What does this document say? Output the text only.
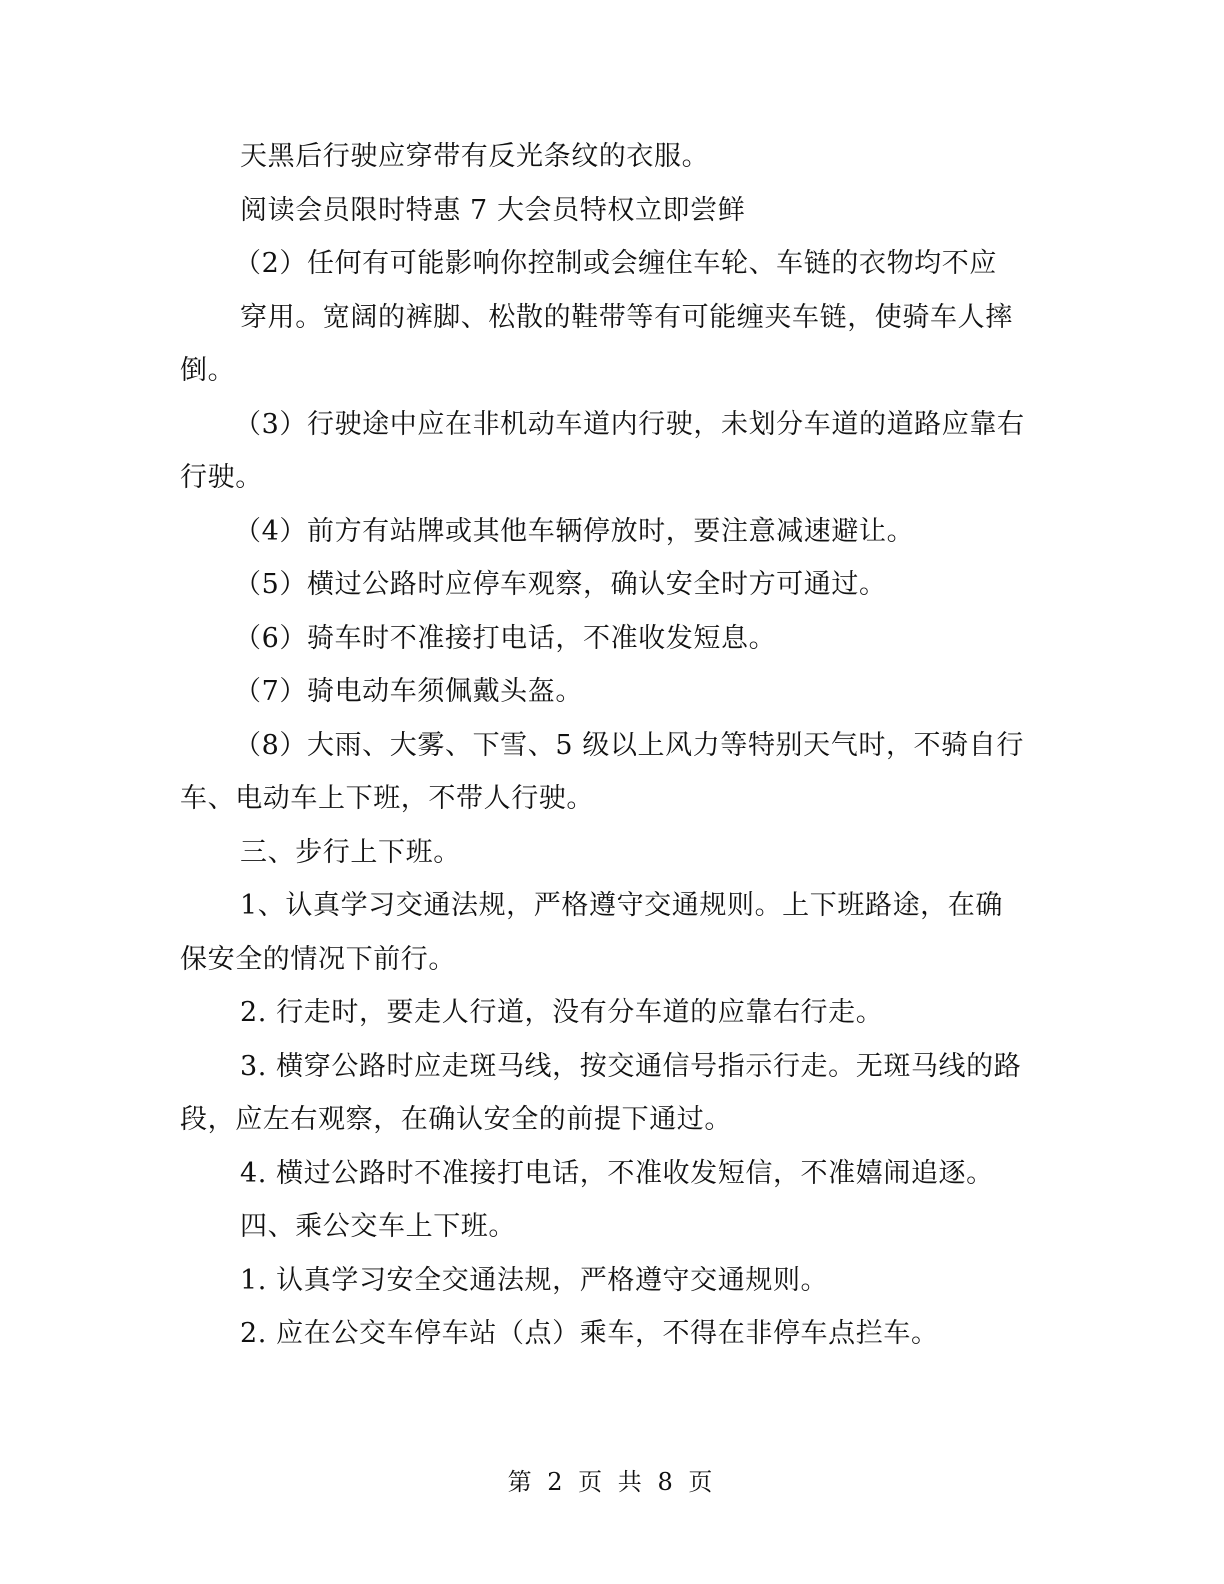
天黑后行驶应穿带有反光条纹的衣服。

阅读会员限时特惠 7 大会员特权立即尝鲜

（2）任何有可能影响你控制或会缠住车轮、车链的衣物均不应

穿用。宽阔的裤脚、松散的鞋带等有可能缠夹车链，使骑车人摔倒。

（3）行驶途中应在非机动车道内行驶，未划分车道的道路应靠右行驶。

（4）前方有站牌或其他车辆停放时，要注意减速避让。

（5）横过公路时应停车观察，确认安全时方可通过。

（6）骑车时不准接打电话，不准收发短息。

（7）骑电动车须佩戴头盔。

（8）大雨、大雾、下雪、5 级以上风力等特别天气时，不骑自行车、电动车上下班，不带人行驶。

三、步行上下班。

1、认真学习交通法规，严格遵守交通规则。上下班路途，在确保安全的情况下前行。

2. 行走时，要走人行道，没有分车道的应靠右行走。

3. 横穿公路时应走斑马线，按交通信号指示行走。无斑马线的路段，应左右观察，在确认安全的前提下通过。

4. 横过公路时不准接打电话，不准收发短信，不准嬉闹追逐。

四、乘公交车上下班。

1. 认真学习安全交通法规，严格遵守交通规则。

2. 应在公交车停车站（点）乘车，不得在非停车点拦车。

第 2 页 共 8 页
